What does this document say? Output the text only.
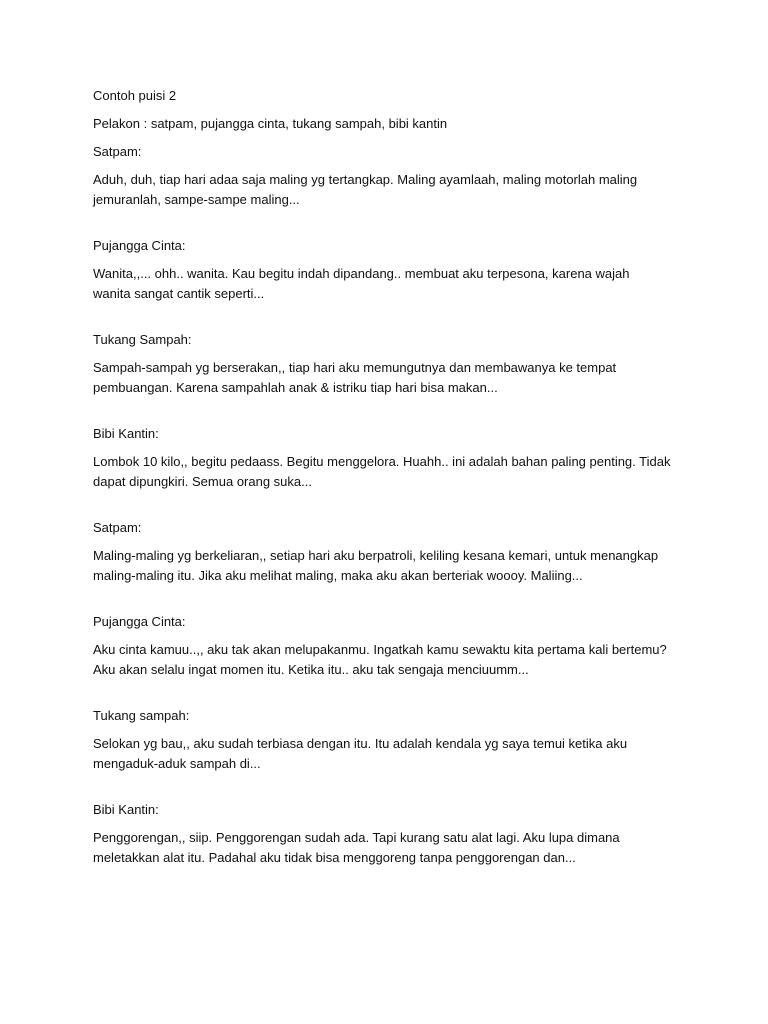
Contoh puisi 2
Pelakon : satpam, pujangga cinta, tukang sampah, bibi kantin
Satpam:
Aduh, duh, tiap hari adaa saja maling yg tertangkap. Maling ayamlaah, maling motorlah maling
jemuranlah, sampe-sampe maling...
Pujangga Cinta:
Wanita,,... ohh.. wanita. Kau begitu indah dipandang.. membuat aku terpesona, karena wajah
wanita sangat cantik seperti...
Tukang Sampah:
Sampah-sampah yg berserakan,, tiap hari aku memungutnya dan membawanya ke tempat
pembuangan. Karena sampahlah anak & istriku tiap hari bisa makan...
Bibi Kantin:
Lombok 10 kilo,, begitu pedaass. Begitu menggelora. Huahh.. ini adalah bahan paling penting. Tidak
dapat dipungkiri. Semua orang suka...
Satpam:
Maling-maling yg berkeliaran,, setiap hari aku berpatroli, keliling kesana kemari, untuk menangkap
maling-maling itu. Jika aku melihat maling, maka aku akan berteriak woooy. Maliing...
Pujangga Cinta:
Aku cinta kamuu..,, aku tak akan melupakanmu. Ingatkah kamu sewaktu kita pertama kali bertemu?
Aku akan selalu ingat momen itu. Ketika itu.. aku tak sengaja menciuumm...
Tukang sampah:
Selokan yg bau,, aku sudah terbiasa dengan itu. Itu adalah kendala yg saya temui ketika aku
mengaduk-aduk sampah di...
Bibi Kantin:
Penggorengan,, siip. Penggorengan sudah ada. Tapi kurang satu alat lagi. Aku lupa dimana
meletakkan alat itu. Padahal aku tidak bisa menggoreng tanpa penggorengan dan...
